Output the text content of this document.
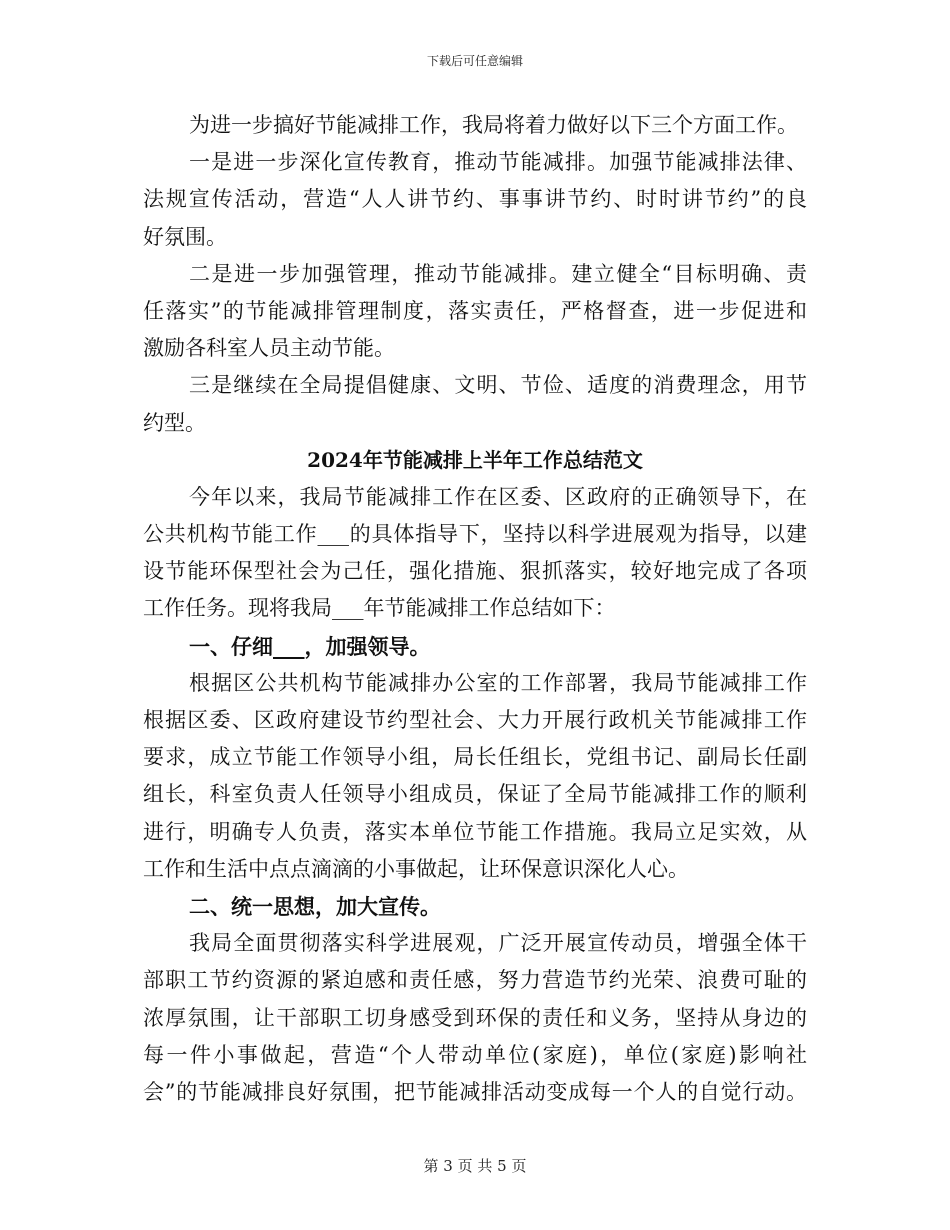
下载后可任意编辑
为进一步搞好节能减排工作，我局将着力做好以下三个方面工作。
一是进一步深化宣传教育，推动节能减排。加强节能减排法律、
法规宣传活动，营造“人人讲节约、事事讲节约、时时讲节约”的良
好氛围。
二是进一步加强管理，推动节能减排。建立健全“目标明确、责
任落实”的节能减排管理制度，落实责任，严格督查，进一步促进和
激励各科室人员主动节能。
三是继续在全局提倡健康、文明、节俭、适度的消费理念，用节
约型。
2024年节能减排上半年工作总结范文
今年以来，我局节能减排工作在区委、区政府的正确领导下，在
公共机构节能工作___的具体指导下，坚持以科学进展观为指导，以建
设节能环保型社会为己任，强化措施、狠抓落实，较好地完成了各项
工作任务。现将我局___年节能减排工作总结如下：
一、仔细___，加强领导。
根据区公共机构节能减排办公室的工作部署，我局节能减排工作
根据区委、区政府建设节约型社会、大力开展行政机关节能减排工作
要求，成立节能工作领导小组，局长任组长，党组书记、副局长任副
组长，科室负责人任领导小组成员，保证了全局节能减排工作的顺利
进行，明确专人负责，落实本单位节能工作措施。我局立足实效，从
工作和生活中点点滴滴的小事做起，让环保意识深化人心。
二、统一思想，加大宣传。
我局全面贯彻落实科学进展观，广泛开展宣传动员，增强全体干
部职工节约资源的紧迫感和责任感，努力营造节约光荣、浪费可耻的
浓厚氛围，让干部职工切身感受到环保的责任和义务，坚持从身边的
每一件小事做起，营造“个人带动单位(家庭)，单位(家庭)影响社
会”的节能减排良好氛围，把节能减排活动变成每一个人的自觉行动。
第 3 页 共 5 页
